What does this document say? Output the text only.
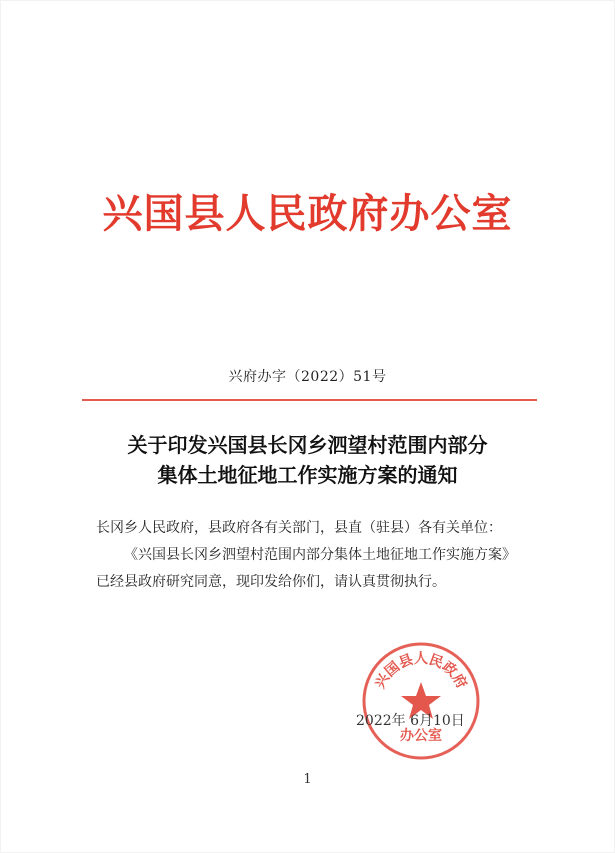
兴国县人民政府办公室
兴府办字（2022）51号
关于印发兴国县长冈乡泗望村范围内部分
集体土地征地工作实施方案的通知

长冈乡人民政府，县政府各有关部门，县直（驻县）各有关单位：

《兴国县长冈乡泗望村范围内部分集体土地征地工作实施方案》已经县政府研究同意，现印发给你们，请认真贯彻执行。

兴国县人民政府
办公室
2022年 6月10日
1
